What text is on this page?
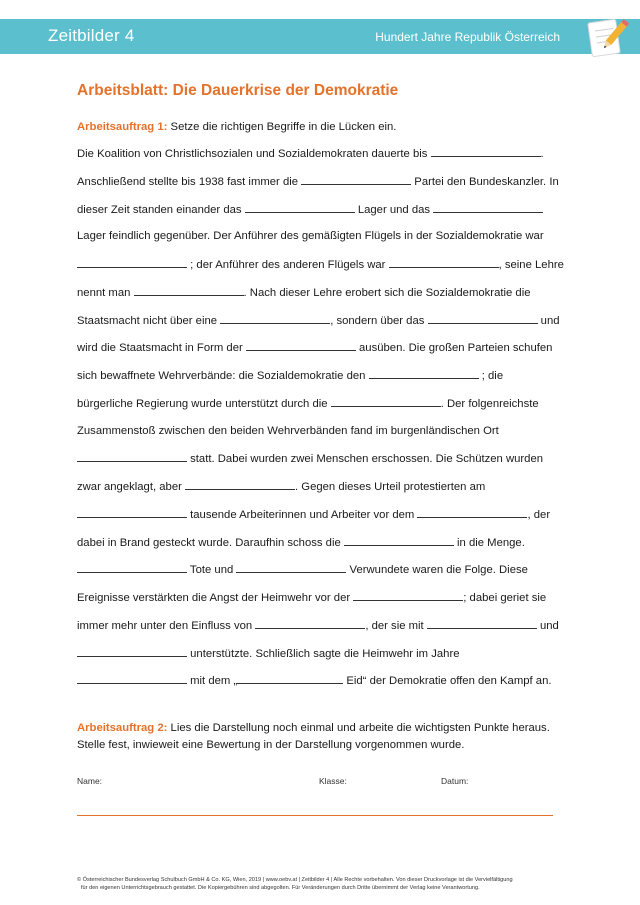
Zeitbilder 4	Hundert Jahre Republik Österreich
Arbeitsblatt: Die Dauerkrise der Demokratie
Arbeitsauftrag 1: Setze die richtigen Begriffe in die Lücken ein.
Die Koalition von Christlichsozialen und Sozialdemokraten dauerte bis	.
Anschließend stellte bis 1938 fast immer die	Partei den Bundeskanzler. In
dieser Zeit standen einander das	Lager und das
Lager feindlich gegenüber. Der Anführer des gemäßigten Flügels in der Sozialdemokratie war
; der Anführer des anderen Flügels war	, seine Lehre
nennt man	. Nach dieser Lehre erobert sich die Sozialdemokratie die
Staatsmacht nicht über eine	, sondern über das	und
wird die Staatsmacht in Form der	ausüben. Die großen Parteien schufen
sich bewaffnete Wehrverbände: die Sozialdemokratie den	; die
bürgerliche Regierung wurde unterstützt durch die	. Der folgenreichste
Zusammenstoß zwischen den beiden Wehrverbänden fand im burgenländischen Ort
statt. Dabei wurden zwei Menschen erschossen. Die Schützen wurden
zwar angeklagt, aber	. Gegen dieses Urteil protestierten am
tausende Arbeiterinnen und Arbeiter vor dem	, der
dabei in Brand gesteckt wurde. Daraufhin schoss die	in die Menge.
Tote und	Verwundete waren die Folge. Diese
Ereignisse verstärkten die Angst der Heimwehr vor der	; dabei geriet sie
immer mehr unter den Einfluss von	, der sie mit	und
unterstützte. Schließlich sagte die Heimwehr im Jahre
mit dem „	Eid“ der Demokratie offen den Kampf an.
Arbeitsauftrag 2: Lies die Darstellung noch einmal und arbeite die wichtigsten Punkte heraus. Stelle fest, inwieweit eine Bewertung in der Darstellung vorgenommen wurde.
Name:	Klasse:	Datum:
© Österreichischer Bundesverlag Schulbuch GmbH & Co. KG, Wien, 2019 | www.oebv.at | Zeitbilder 4 | Alle Rechte vorbehalten. Von dieser Druckvorlage ist die Vervielfältigung
für den eigenen Unterrichtsgebrauch gestattet. Die Kopiergebühren sind abgegolten. Für Veränderungen durch Dritte übernimmt der Verlag keine Verantwortung.
